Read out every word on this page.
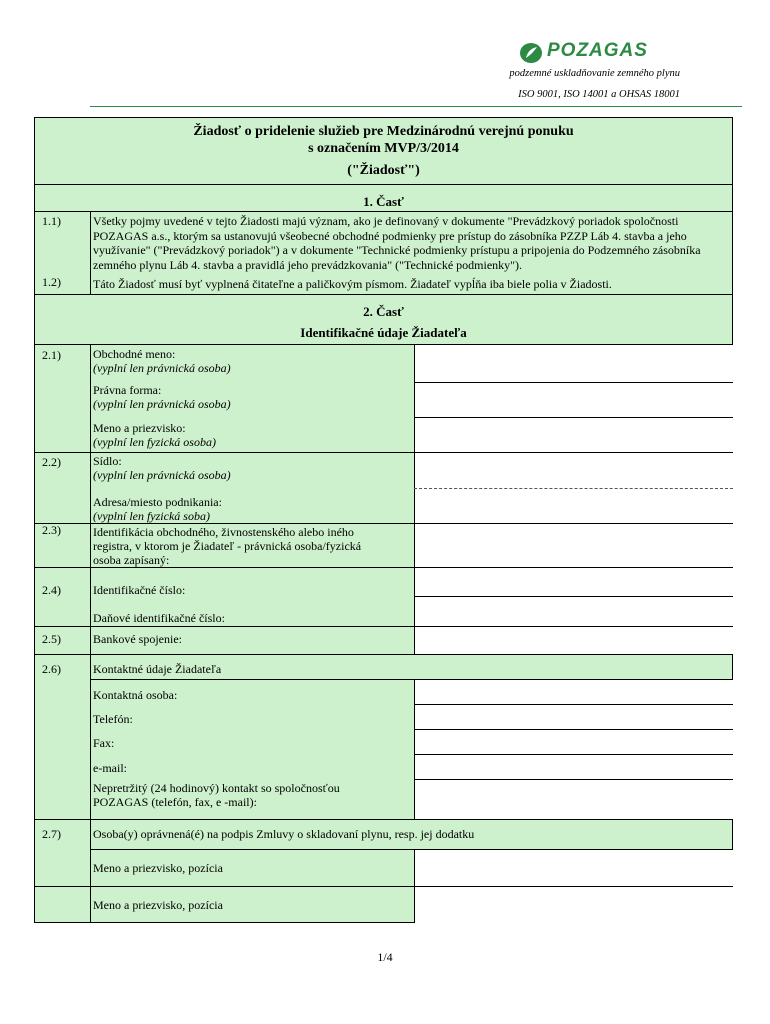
POZAGAS
podzemné uskladňovanie zemného plynu
ISO 9001, ISO 14001 a OHSAS 18001
Žiadosť o pridelenie služieb pre Medzinárodnú verejnú ponuku
s označením MVP/3/2014
("Žiadosť")
1. Časť
1.1)	Všetky pojmy uvedené v tejto Žiadosti majú význam, ako je definovaný v dokumente "Prevádzkový poriadok spoločnosti POZAGAS a.s., ktorým sa ustanovujú všeobecné obchodné podmienky pre prístup do zásobníka PZZP Láb 4. stavba a jeho využívanie" ("Prevádzkový poriadok") a v dokumente "Technické podmienky prístupu a pripojenia do Podzemného zásobníka zemného plynu Láb 4. stavba a pravidlá jeho prevádzkovania" ("Technické podmienky").
1.2)	Táto Žiadosť musí byť vyplnená čitateľne a paličkovým písmom. Žiadateľ vypĺňa iba biele polia v Žiadosti.
2. Časť
Identifikačné údaje Žiadateľa
2.1)	Obchodné meno:
(vyplní len právnická osoba)
Právna forma:
(vyplní len právnická osoba)
Meno a priezvisko:
(vyplní len fyzická osoba)
2.2)	Sídlo:
(vyplní len právnická osoba)
Adresa/miesto podnikania:
(vyplní len fyzická soba)
2.3)	Identifikácia obchodného, živnostenského alebo iného
registra, v ktorom je Žiadateľ - právnická osoba/fyzická
osoba zapísaný:
2.4)	Identifikačné číslo:
Daňové identifikačné číslo:
2.5)	Bankové spojenie:
2.6)	Kontaktné údaje Žiadateľa
Kontaktná osoba:
Telefón:
Fax:
e-mail:
Nepretržitý (24 hodinový) kontakt so spoločnosťou
POZAGAS (telefón, fax, e -mail):
2.7)	Osoba(y) oprávnená(é) na podpis Zmluvy o skladovaní plynu, resp. jej dodatku
Meno a priezvisko, pozícia
Meno a priezvisko, pozícia
1/4
